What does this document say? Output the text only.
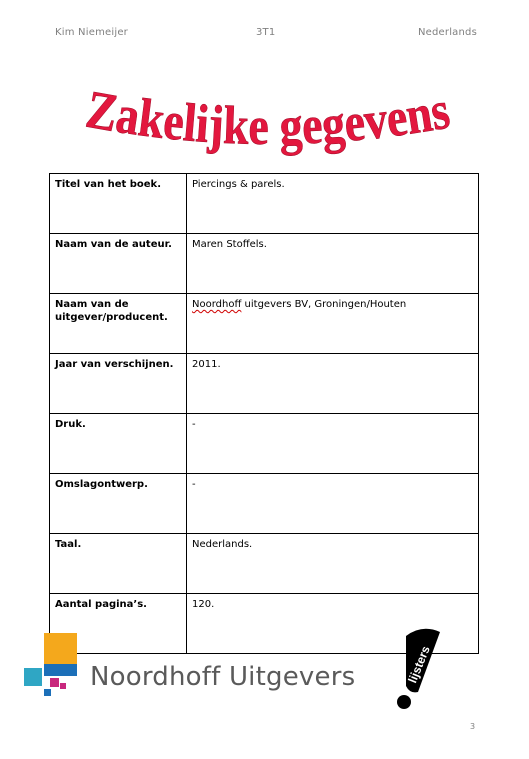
Kim Niemeijer	3T1	Nederlands
Zakelijke gegevens
Titel van het boek.	Piercings & parels.
Naam van de auteur.	Maren Stoffels.
Naam van de uitgever/producent.	Noordhoff uitgevers BV, Groningen/Houten
Jaar van verschijnen.	2011.
Druk.	-
Omslagontwerp.	-
Taal.	Nederlands.
Aantal pagina’s.	120.
Noordhoff Uitgevers	lijsters
3
